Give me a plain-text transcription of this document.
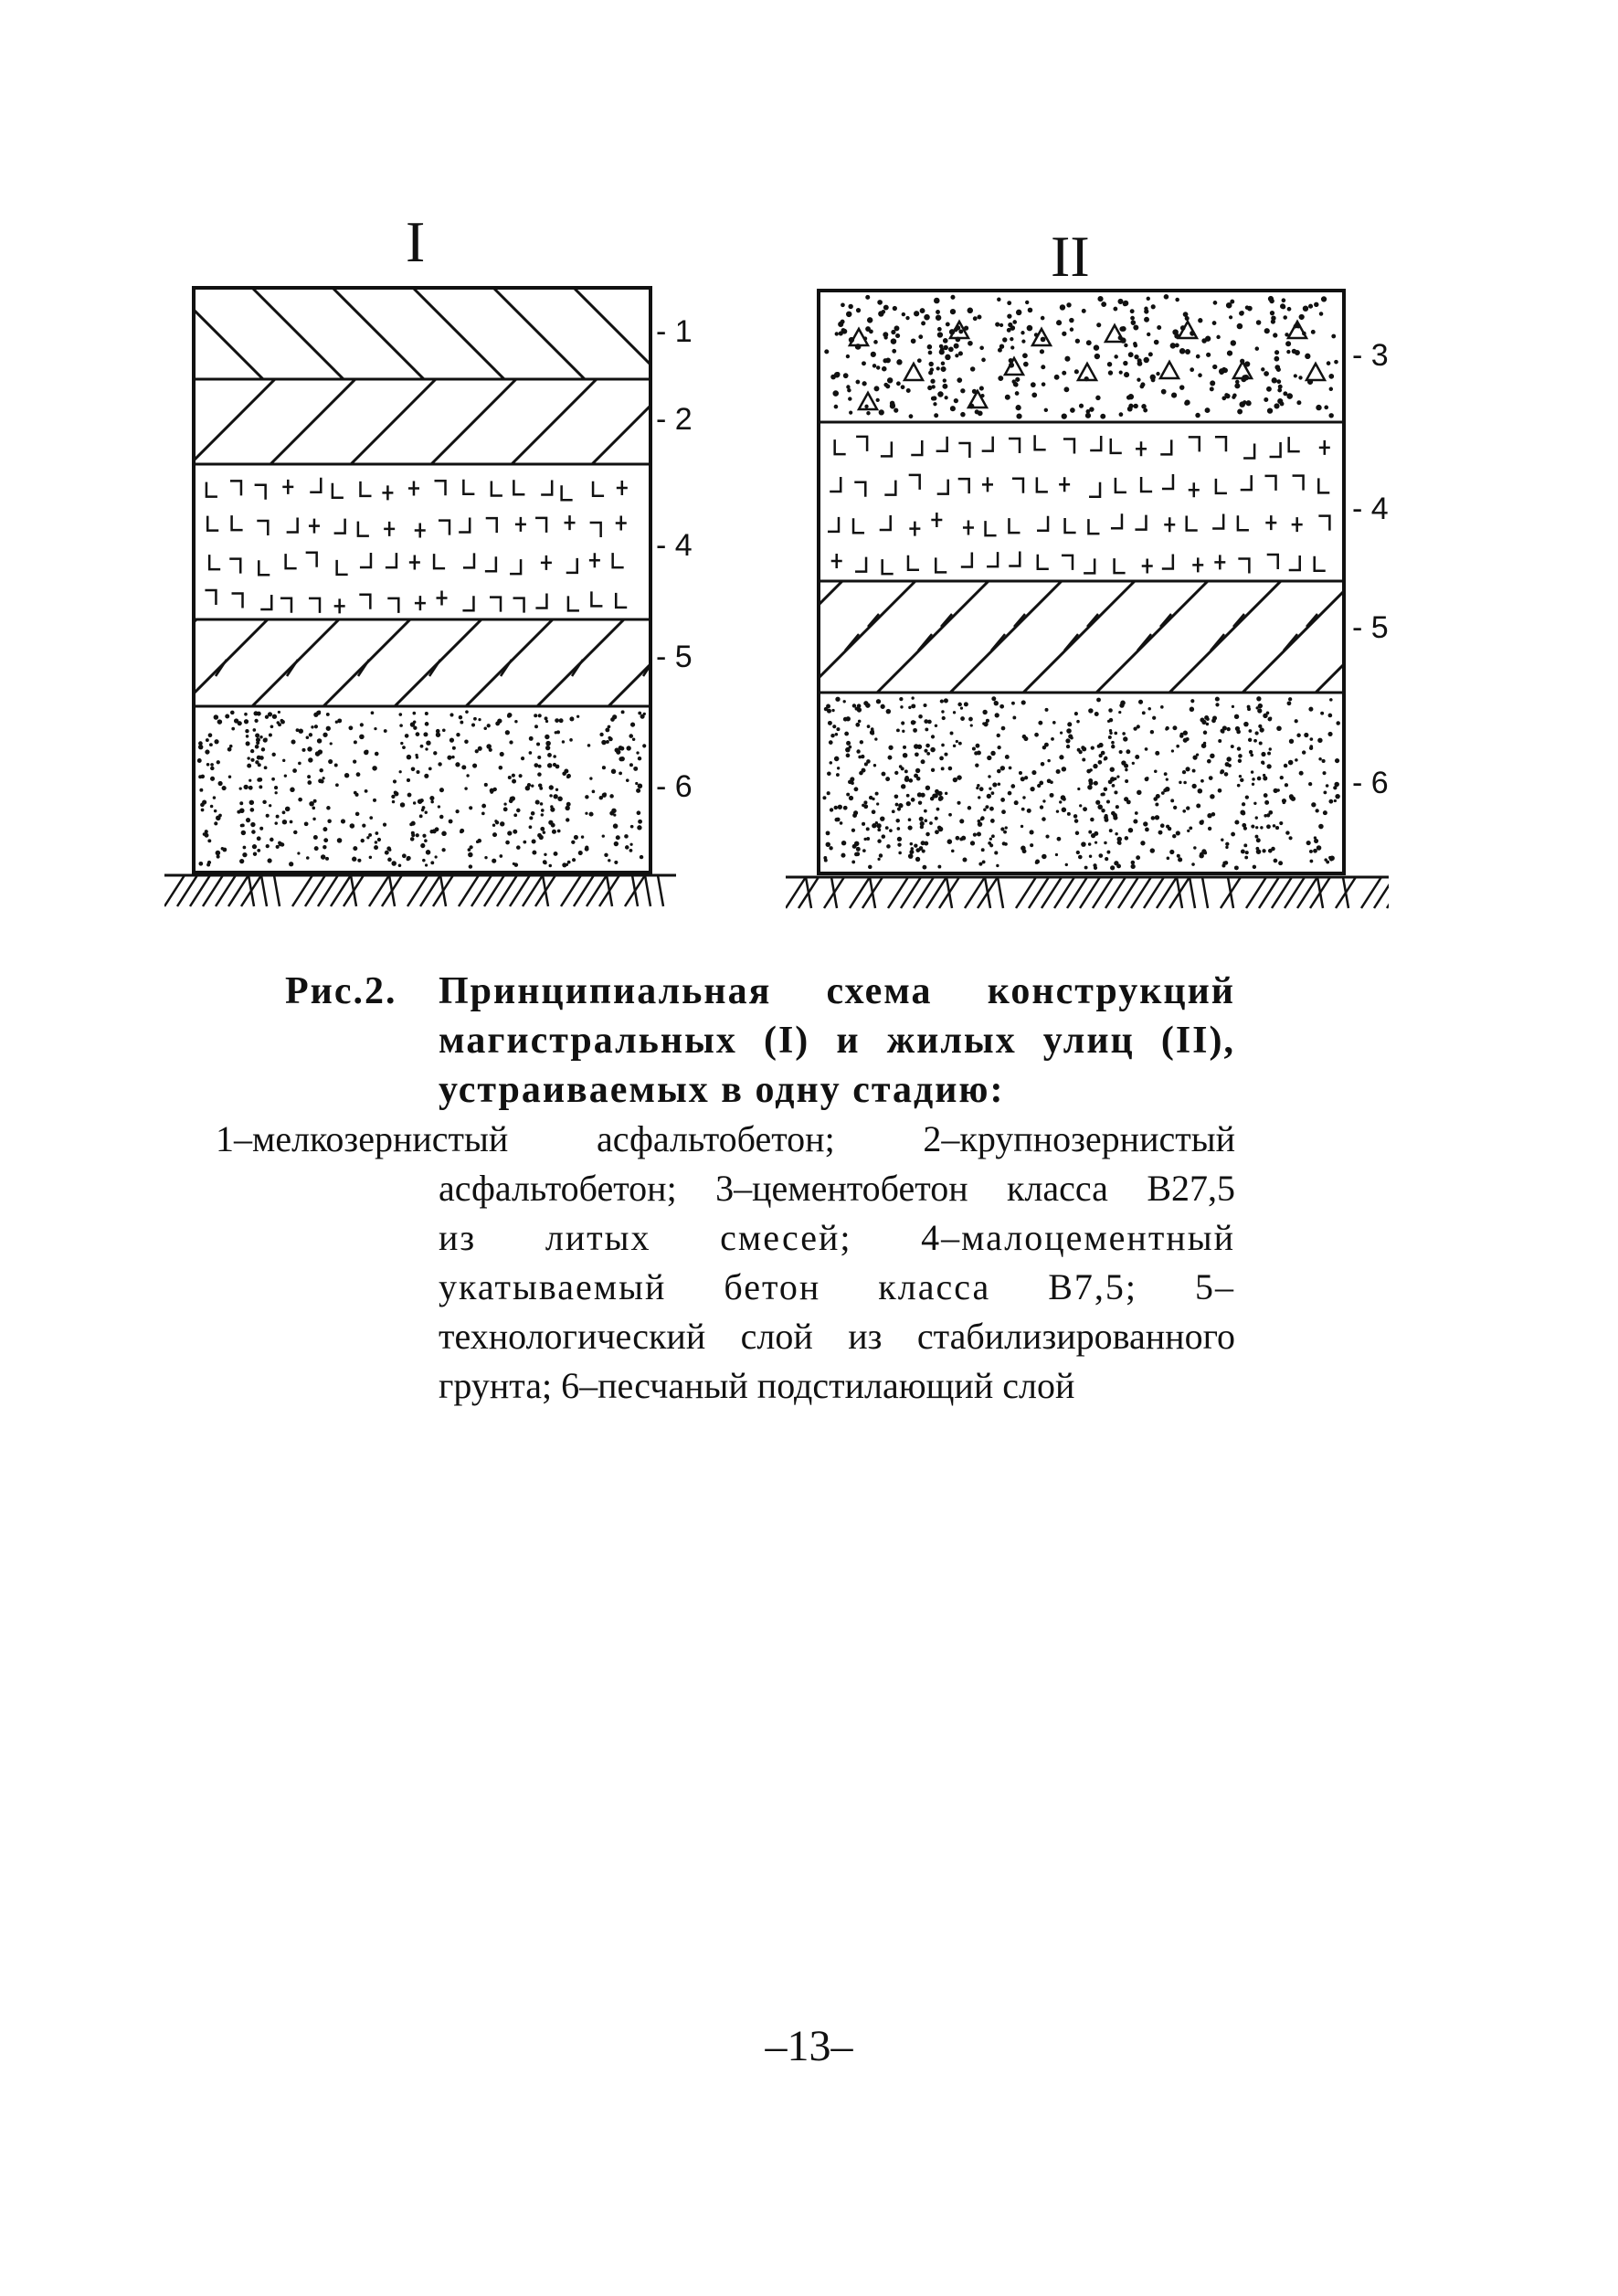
I	II
- 1
- 2
- 4
- 5
- 6
- 3
- 4
- 5
- 6
Рис.2. Принципиальная схема конструкций
магистральных (I) и жилых улиц (II),
устраиваемых в одну стадию:
1–мелкозернистый асфальтобетон; 2–крупнозернистый
асфальтобетон; 3–цементобетон класса В27,5
из литых смесей; 4–малоцементный
укатываемый бетон класса В7,5; 5–
технологический слой из стабилизированного
грунта; 6–песчаный подстилающий слой
–13–
